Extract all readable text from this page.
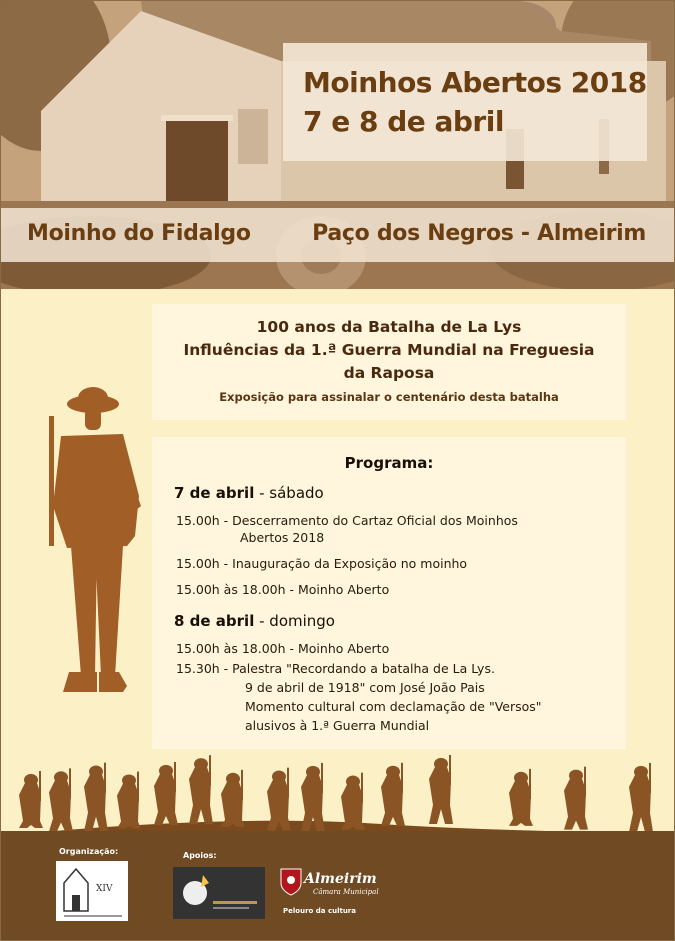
Moinhos Abertos 2018
7 e 8 de abril
Moinho do Fidalgo	Paço dos Negros - Almeirim
100 anos da Batalha de La Lys
Influências da 1.ª Guerra Mundial na Freguesia
da Raposa
Exposição para assinalar o centenário desta batalha
Programa:
7 de abril - sábado
15.00h - Descerramento do Cartaz Oficial dos Moinhos
Abertos 2018
15.00h - Inauguração da Exposição no moinho
15.00h às 18.00h - Moinho Aberto
8 de abril - domingo
15.00h às 18.00h - Moinho Aberto
15.30h - Palestra "Recordando a batalha de La Lys.
9 de abril de 1918" com José João Pais
Momento cultural com declamação de "Versos"
alusivos à 1.ª Guerra Mundial
Organização:
XIV
Apoios:
Almeirim
Câmara Municipal
Pelouro da cultura
